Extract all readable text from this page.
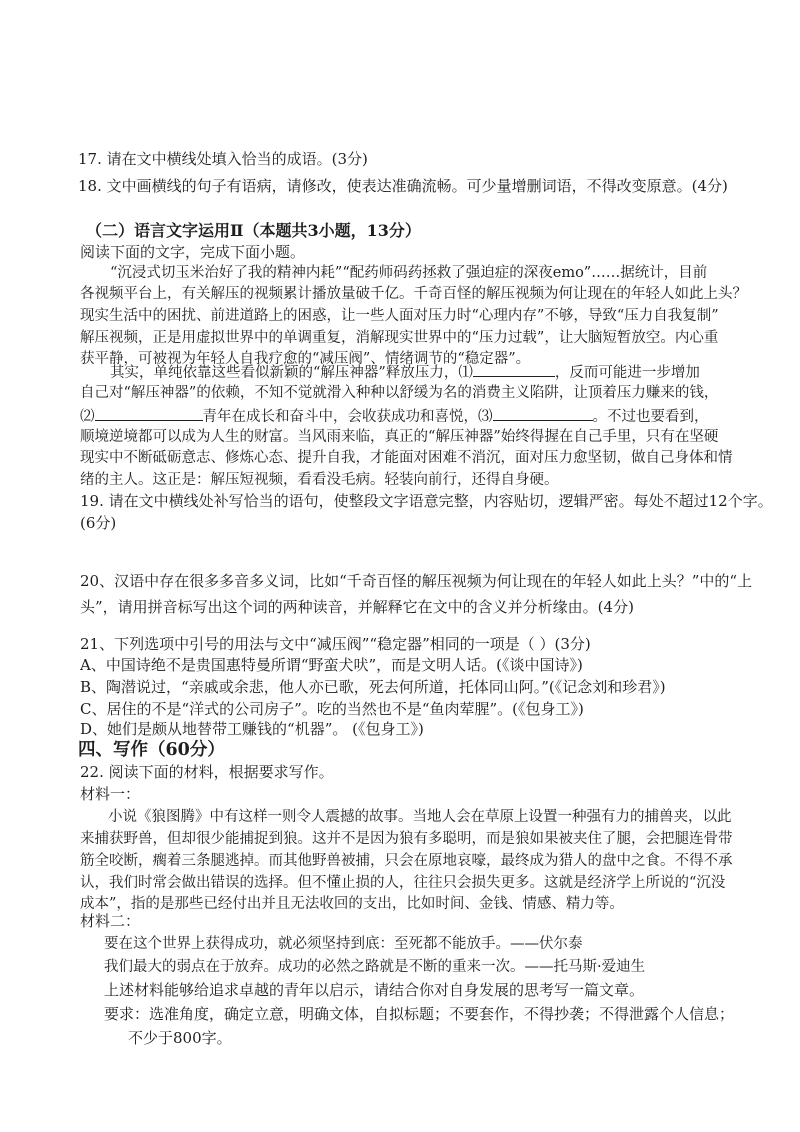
17. 请在文中横线处填入恰当的成语。(3分)
18. 文中画横线的句子有语病，请修改，使表达准确流畅。可少量增删词语，不得改变原意。(4分)
（二）语言文字运用Ⅱ（本题共3小题，13分）
阅读下面的文字，完成下面小题。
“沉浸式切玉米治好了我的精神内耗”“配药师码药拯救了强迫症的深夜emo”……据统计，目前
各视频平台上，有关解压的视频累计播放量破千亿。千奇百怪的解压视频为何让现在的年轻人如此上头？
现实生活中的困扰、前进道路上的困惑，让一些人面对压力时“心理内存”不够，导致“压力自我复制”
解压视频，正是用虚拟世界中的单调重复，消解现实世界中的“压力过载”，让大脑短暂放空。内心重
获平静，可被视为年轻人自我疗愈的“减压阀”、情绪调节的“稳定器”。
其实，单纯依靠这些看似新颖的“解压神器”释放压力，⑴	，反而可能进一步增加
自己对“解压神器”的依赖，不知不觉就滑入种种以舒缓为名的消费主义陷阱，让顶着压力赚来的钱，
⑵	青年在成长和奋斗中，会收获成功和喜悦，⑶	。不过也要看到，
顺境逆境都可以成为人生的财富。当风雨来临，真正的“解压神器”始终得握在自己手里，只有在坚硬
现实中不断砥砺意志、修炼心态、提升自我，才能面对困难不消沉，面对压力愈坚韧，做自己身体和情
绪的主人。这正是：解压短视频，看看没毛病。轻装向前行，还得自身硬。
19. 请在文中横线处补写恰当的语句，使整段文字语意完整，内容贴切，逻辑严密。每处不超过12个字。
(6分)
20、汉语中存在很多多音多义词，比如“千奇百怪的解压视频为何让现在的年轻人如此上头？”中的“上
头”，请用拼音标写出这个词的两种读音，并解释它在文中的含义并分析缘由。(4分)
21、下列选项中引号的用法与文中“减压阀”“稳定器”相同的一项是（ ）(3分)
A、中国诗绝不是贵国惠特曼所谓“野蛮犬吠”，而是文明人话。(《谈中国诗》)
B、陶潜说过，“亲戚或余悲，他人亦已歌，死去何所道，托体同山阿。”(《记念刘和珍君》)
C、居住的不是“洋式的公司房子”。吃的当然也不是“鱼肉荤腥”。(《包身工》)
D、她们是颇从地替带工赚钱的“机器”。 (《包身工》)
四、写作（60分）
22. 阅读下面的材料，根据要求写作。
材料一：
小说《狼图腾》中有这样一则令人震撼的故事。当地人会在草原上设置一种强有力的捕兽夹，以此
来捕获野兽，但却很少能捕捉到狼。这并不是因为狼有多聪明，而是狼如果被夹住了腿，会把腿连骨带
筋全咬断，瘸着三条腿逃掉。而其他野兽被捕，只会在原地哀嚎，最终成为猎人的盘中之食。不得不承
认，我们时常会做出错误的选择。但不懂止损的人，往往只会损失更多。这就是经济学上所说的“沉没
成本”，指的是那些已经付出并且无法收回的支出，比如时间、金钱、情感、精力等。
材料二：
要在这个世界上获得成功，就必须坚持到底：至死都不能放手。——伏尔泰
我们最大的弱点在于放弃。成功的必然之路就是不断的重来一次。——托马斯·爱迪生
上述材料能够给追求卓越的青年以启示，请结合你对自身发展的思考写一篇文章。
要求：选准角度，确定立意，明确文体，自拟标题；不要套作，不得抄袭；不得泄露个人信息；
不少于800字。
